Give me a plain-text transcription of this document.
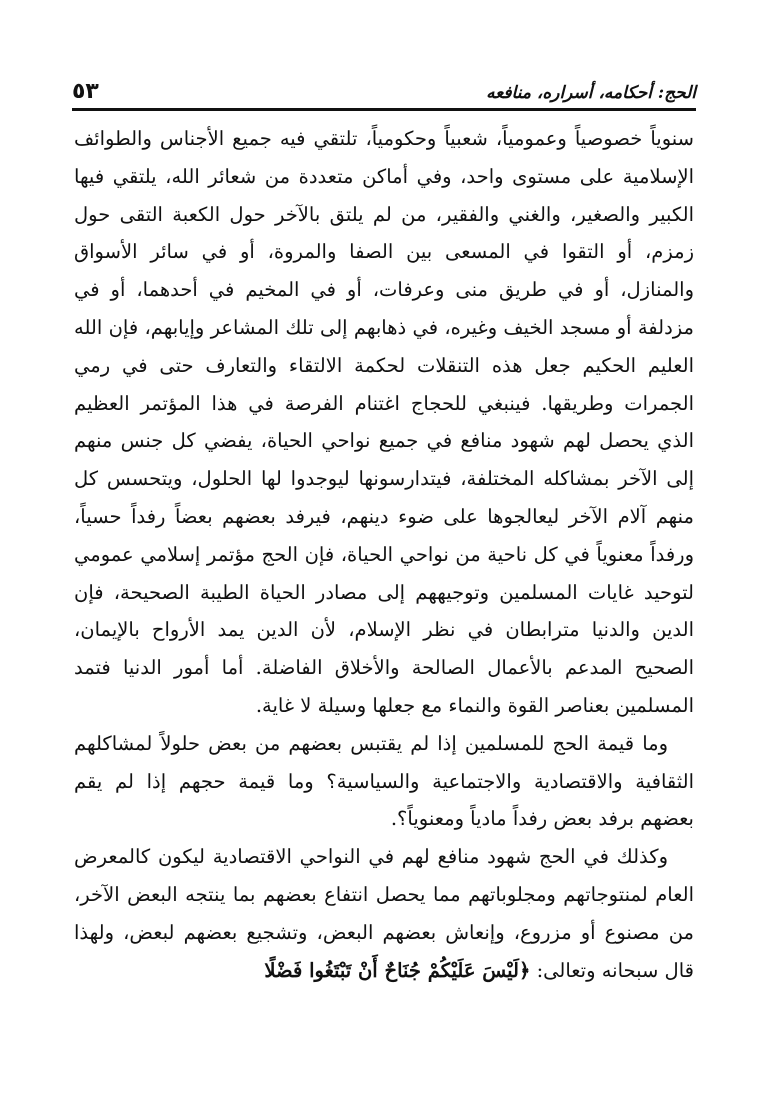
الحج: أحكامه، أسراره، منافعه
٥٣

سنوياً خصوصياً وعمومياً، شعبياً وحكومياً، تلتقي فيه جميع الأجناس والطوائف الإسلامية على مستوى واحد، وفي أماكن متعددة من شعائر الله، يلتقي فيها الكبير والصغير، والغني والفقير، من لم يلتق بالآخر حول الكعبة التقى حول زمزم، أو التقوا في المسعى بين الصفا والمروة، أو في سائر الأسواق والمنازل، أو في طريق منى وعرفات، أو في المخيم في أحدهما، أو في مزدلفة أو مسجد الخيف وغيره، في ذهابهم إلى تلك المشاعر وإيابهم، فإن الله العليم الحكيم جعل هذه التنقلات لحكمة الالتقاء والتعارف حتى في رمي الجمرات وطريقها. فينبغي للحجاج اغتنام الفرصة في هذا المؤتمر العظيم الذي يحصل لهم شهود منافع في جميع نواحي الحياة، يفضي كل جنس منهم إلى الآخر بمشاكله المختلفة، فيتدارسونها ليوجدوا لها الحلول، ويتحسس كل منهم آلام الآخر ليعالجوها على ضوء دينهم، فيرفد بعضهم بعضاً رفداً حسياً، ورفداً معنوياً في كل ناحية من نواحي الحياة، فإن الحج مؤتمر إسلامي عمومي لتوحيد غايات المسلمين وتوجيههم إلى مصادر الحياة الطيبة الصحيحة، فإن الدين والدنيا مترابطان في نظر الإسلام، لأن الدين يمد الأرواح بالإيمان، الصحيح المدعم بالأعمال الصالحة والأخلاق الفاضلة. أما أمور الدنيا فتمد المسلمين بعناصر القوة والنماء مع جعلها وسيلة لا غاية.

وما قيمة الحج للمسلمين إذا لم يقتبس بعضهم من بعض حلولاً لمشاكلهم الثقافية والاقتصادية والاجتماعية والسياسية؟ وما قيمة حجهم إذا لم يقم بعضهم برفد بعض رفداً مادياً ومعنوياً؟.

وكذلك في الحج شهود منافع لهم في النواحي الاقتصادية ليكون كالمعرض العام لمنتوجاتهم ومجلوباتهم مما يحصل انتفاع بعضهم بما ينتجه البعض الآخر، من مصنوع أو مزروع، وإنعاش بعضهم البعض، وتشجيع بعضهم لبعض، ولهذا قال سبحانه وتعالى: ﴿لَيْسَ عَلَيْكُمْ جُنَاحٌ أَنْ تَبْتَغُوا فَضْلًا
